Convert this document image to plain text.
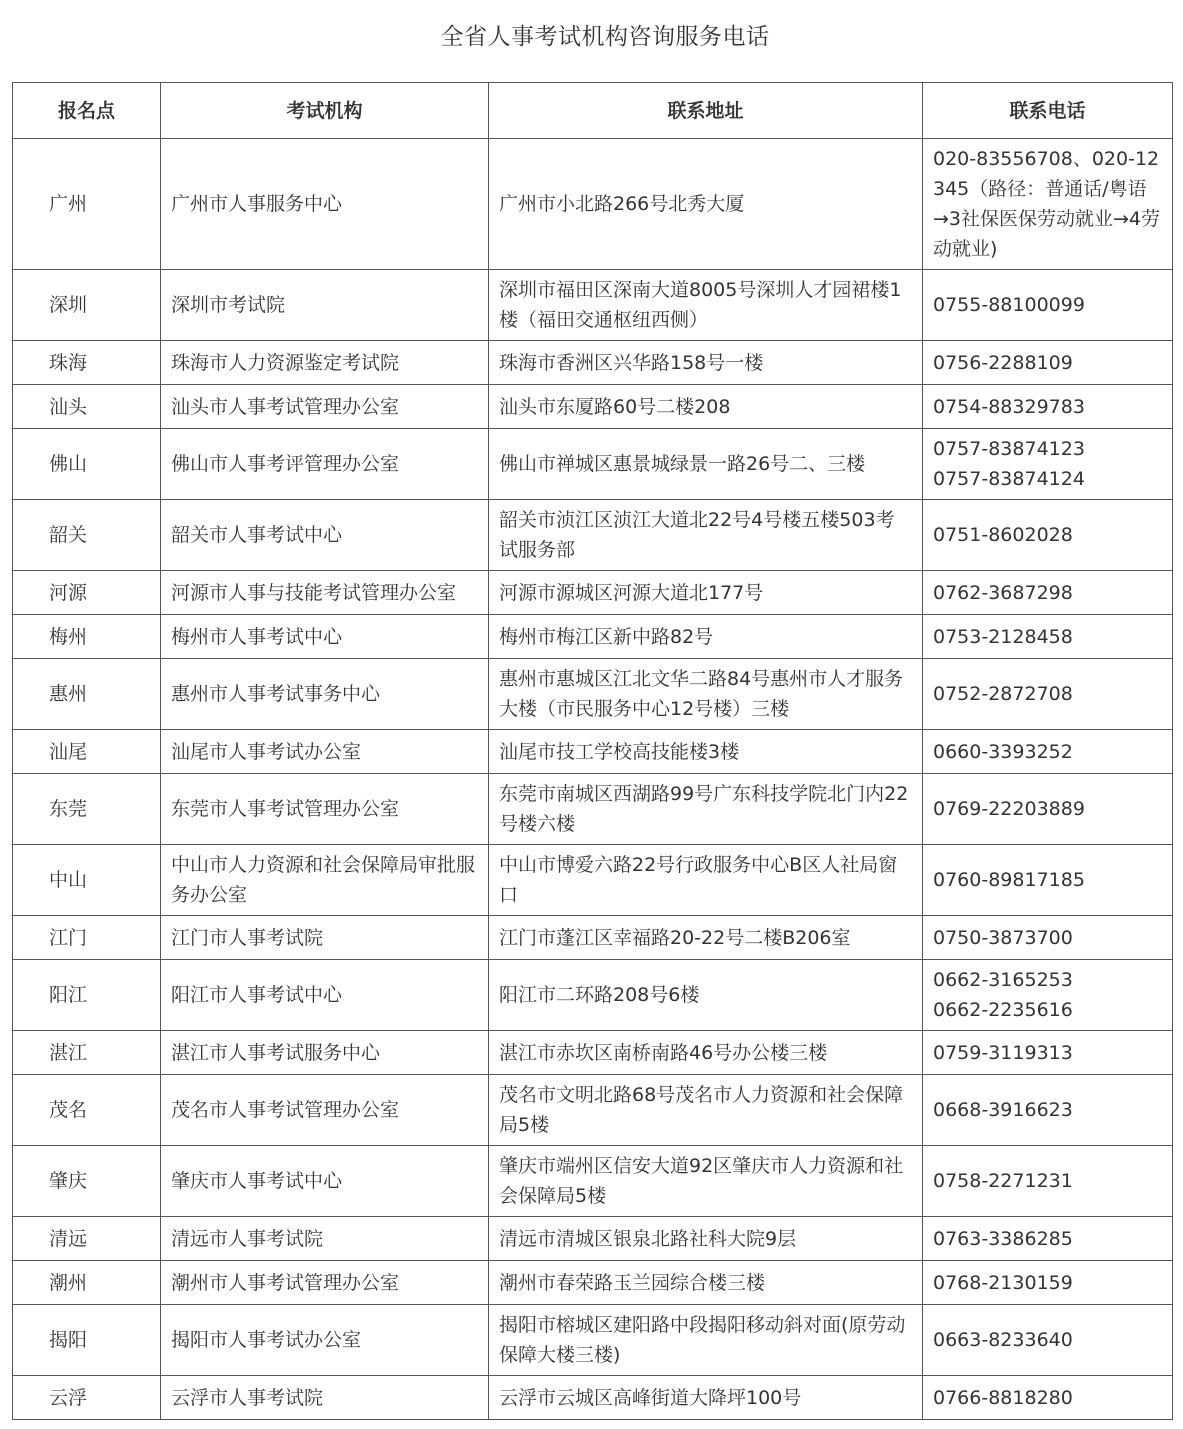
全省人事考试机构咨询服务电话
报名点	考试机构	联系地址	联系电话
广州	广州市人事服务中心	广州市小北路266号北秀大厦	020-83556708、020-12345（路径：普通话/粤语→3社保医保劳动就业→4劳动就业)

深圳	深圳市考试院	深圳市福田区深南大道8005号深圳人才园裙楼1楼（福田交通枢纽西侧）	0755-88100099

珠海	珠海市人力资源鉴定考试院	珠海市香洲区兴华路158号一楼	0756-2288109

汕头	汕头市人事考试管理办公室	汕头市东厦路60号二楼208	0754-88329783

佛山	佛山市人事考评管理办公室	佛山市禅城区惠景城绿景一路26号二、三楼	0757-83874123
0757-83874124

韶关	韶关市人事考试中心	韶关市浈江区浈江大道北22号4号楼五楼503考试服务部	0751-8602028

河源	河源市人事与技能考试管理办公室	河源市源城区河源大道北177号	0762-3687298

梅州	梅州市人事考试中心	梅州市梅江区新中路82号	0753-2128458

惠州	惠州市人事考试事务中心	惠州市惠城区江北文华二路84号惠州市人才服务大楼（市民服务中心12号楼）三楼	0752-2872708

汕尾	汕尾市人事考试办公室	汕尾市技工学校高技能楼3楼	0660-3393252

东莞	东莞市人事考试管理办公室	东莞市南城区西湖路99号广东科技学院北门内22号楼六楼	0769-22203889

中山	中山市人力资源和社会保障局审批服务办公室	中山市博爱六路22号行政服务中心B区人社局窗口	0760-89817185

江门	江门市人事考试院	江门市蓬江区幸福路20-22号二楼B206室	0750-3873700

阳江	阳江市人事考试中心	阳江市二环路208号6楼	0662-3165253
0662-2235616

湛江	湛江市人事考试服务中心	湛江市赤坎区南桥南路46号办公楼三楼	0759-3119313

茂名	茂名市人事考试管理办公室	茂名市文明北路68号茂名市人力资源和社会保障局5楼	0668-3916623

肇庆	肇庆市人事考试中心	肇庆市端州区信安大道92区肇庆市人力资源和社会保障局5楼	0758-2271231

清远	清远市人事考试院	清远市清城区银泉北路社科大院9层	0763-3386285

潮州	潮州市人事考试管理办公室	潮州市春荣路玉兰园综合楼三楼	0768-2130159

揭阳	揭阳市人事考试办公室	揭阳市榕城区建阳路中段揭阳移动斜对面(原劳动保障大楼三楼)	0663-8233640

云浮	云浮市人事考试院	云浮市云城区高峰街道大降坪100号	0766-8818280
